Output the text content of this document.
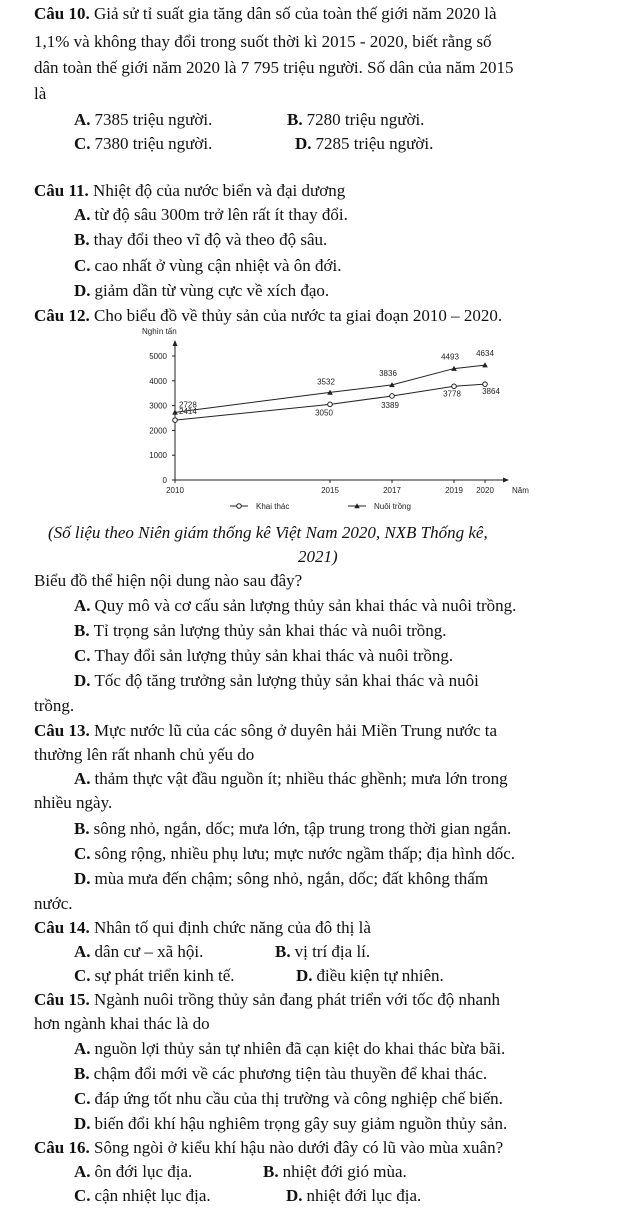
Câu 10. Giả sử tỉ suất gia tăng dân số của toàn thế giới năm 2020 là
1,1% và không thay đổi trong suốt thời kì 2015 - 2020, biết rằng số
dân toàn thế giới năm 2020 là 7 795 triệu người. Số dân của năm 2015
là
A. 7385 triệu người.	B. 7280 triệu người.
C. 7380 triệu người.	D. 7285 triệu người.
Câu 11. Nhiệt độ của nước biển và đại dương
A. từ độ sâu 300m trở lên rất ít thay đổi.
B. thay đổi theo vĩ độ và theo độ sâu.
C. cao nhất ở vùng cận nhiệt và ôn đới.
D. giảm dần từ vùng cực về xích đạo.
Câu 12. Cho biểu đồ về thủy sản của nước ta giai đoạn 2010 – 2020.
Nghìn tấn
Năm
0
1000
2000
3000
4000
5000
2010	2015	2017	2019 2020
2414	3050
3389
3778	3864
2728
3532
3836
4493 4634
Khai thác	Nuôi trồng
(Số liệu theo Niên giám thống kê Việt Nam 2020, NXB Thống kê,
2021)
Biểu đồ thể hiện nội dung nào sau đây?
A. Quy mô và cơ cấu sản lượng thủy sản khai thác và nuôi trồng.
B. Tỉ trọng sản lượng thủy sản khai thác và nuôi trồng.
C. Thay đổi sản lượng thủy sản khai thác và nuôi trồng.
D. Tốc độ tăng trưởng sản lượng thủy sản khai thác và nuôi
trồng.
Câu 13. Mực nước lũ của các sông ở duyên hải Miền Trung nước ta
thường lên rất nhanh chủ yếu do
A. thảm thực vật đầu nguồn ít; nhiều thác ghềnh; mưa lớn trong
nhiều ngày.
B. sông nhỏ, ngắn, dốc; mưa lớn, tập trung trong thời gian ngắn.
C. sông rộng, nhiều phụ lưu; mực nước ngầm thấp; địa hình dốc.
D. mùa mưa đến chậm; sông nhỏ, ngắn, dốc; đất không thấm
nước.
Câu 14. Nhân tố qui định chức năng của đô thị là
A. dân cư – xã hội.	B. vị trí địa lí.
C. sự phát triển kinh tế.	D. điều kiện tự nhiên.
Câu 15. Ngành nuôi trồng thủy sản đang phát triển với tốc độ nhanh
hơn ngành khai thác là do
A. nguồn lợi thủy sản tự nhiên đã cạn kiệt do khai thác bừa bãi.
B. chậm đổi mới về các phương tiện tàu thuyền để khai thác.
C. đáp ứng tốt nhu cầu của thị trường và công nghiệp chế biến.
D. biến đổi khí hậu nghiêm trọng gây suy giảm nguồn thủy sản.
Câu 16. Sông ngòi ở kiểu khí hậu nào dưới đây có lũ vào mùa xuân?
A. ôn đới lục địa.	B. nhiệt đới gió mùa.
C. cận nhiệt lục địa.	D. nhiệt đới lục địa.
